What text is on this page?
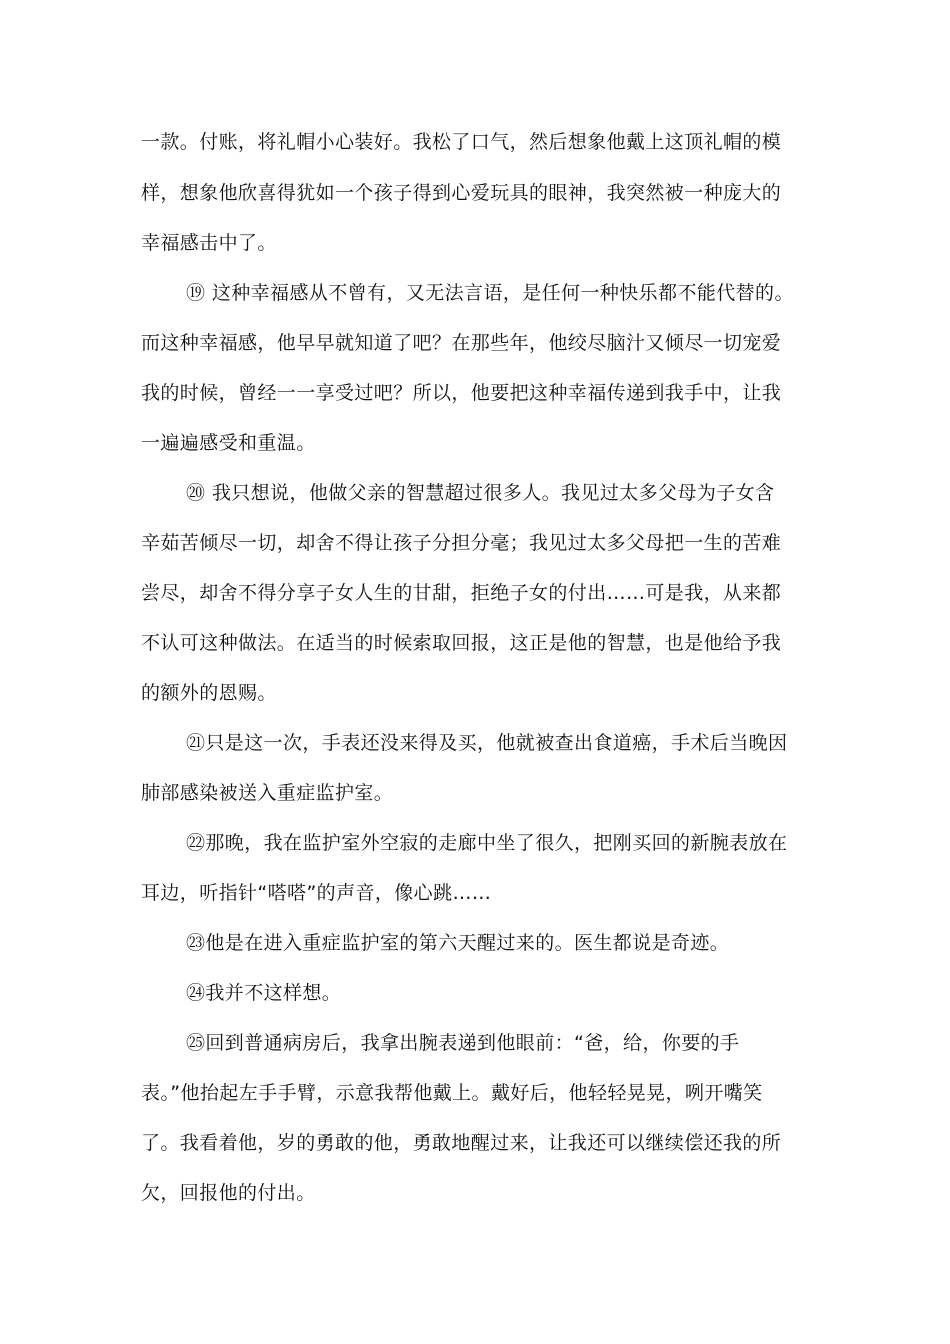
一款。付账，将礼帽小心装好。我松了口气，然后想象他戴上这顶礼帽的模
样，想象他欣喜得犹如一个孩子得到心爱玩具的眼神，我突然被一种庞大的
幸福感击中了。
⑲ 这种幸福感从不曾有，又无法言语，是任何一种快乐都不能代替的。
而这种幸福感，他早早就知道了吧？在那些年，他绞尽脑汁又倾尽一切宠爱
我的时候，曾经一一享受过吧？所以，他要把这种幸福传递到我手中，让我
一遍遍感受和重温。
⑳ 我只想说，他做父亲的智慧超过很多人。我见过太多父母为子女含
辛茹苦倾尽一切，却舍不得让孩子分担分毫；我见过太多父母把一生的苦难
尝尽，却舍不得分享子女人生的甘甜，拒绝子女的付出……可是我，从来都
不认可这种做法。在适当的时候索取回报，这正是他的智慧，也是他给予我
的额外的恩赐。
㉑只是这一次，手表还没来得及买，他就被查出食道癌，手术后当晚因
肺部感染被送入重症监护室。
㉒那晚，我在监护室外空寂的走廊中坐了很久，把刚买回的新腕表放在
耳边，听指针“嗒嗒”的声音，像心跳……
㉓他是在进入重症监护室的第六天醒过来的。医生都说是奇迹。
㉔我并不这样想。
㉕回到普通病房后，我拿出腕表递到他眼前：“爸，给，你要的手
表。”他抬起左手手臂，示意我帮他戴上。戴好后，他轻轻晃晃，咧开嘴笑
了。我看着他，岁的勇敢的他，勇敢地醒过来，让我还可以继续偿还我的所
欠，回报他的付出。
